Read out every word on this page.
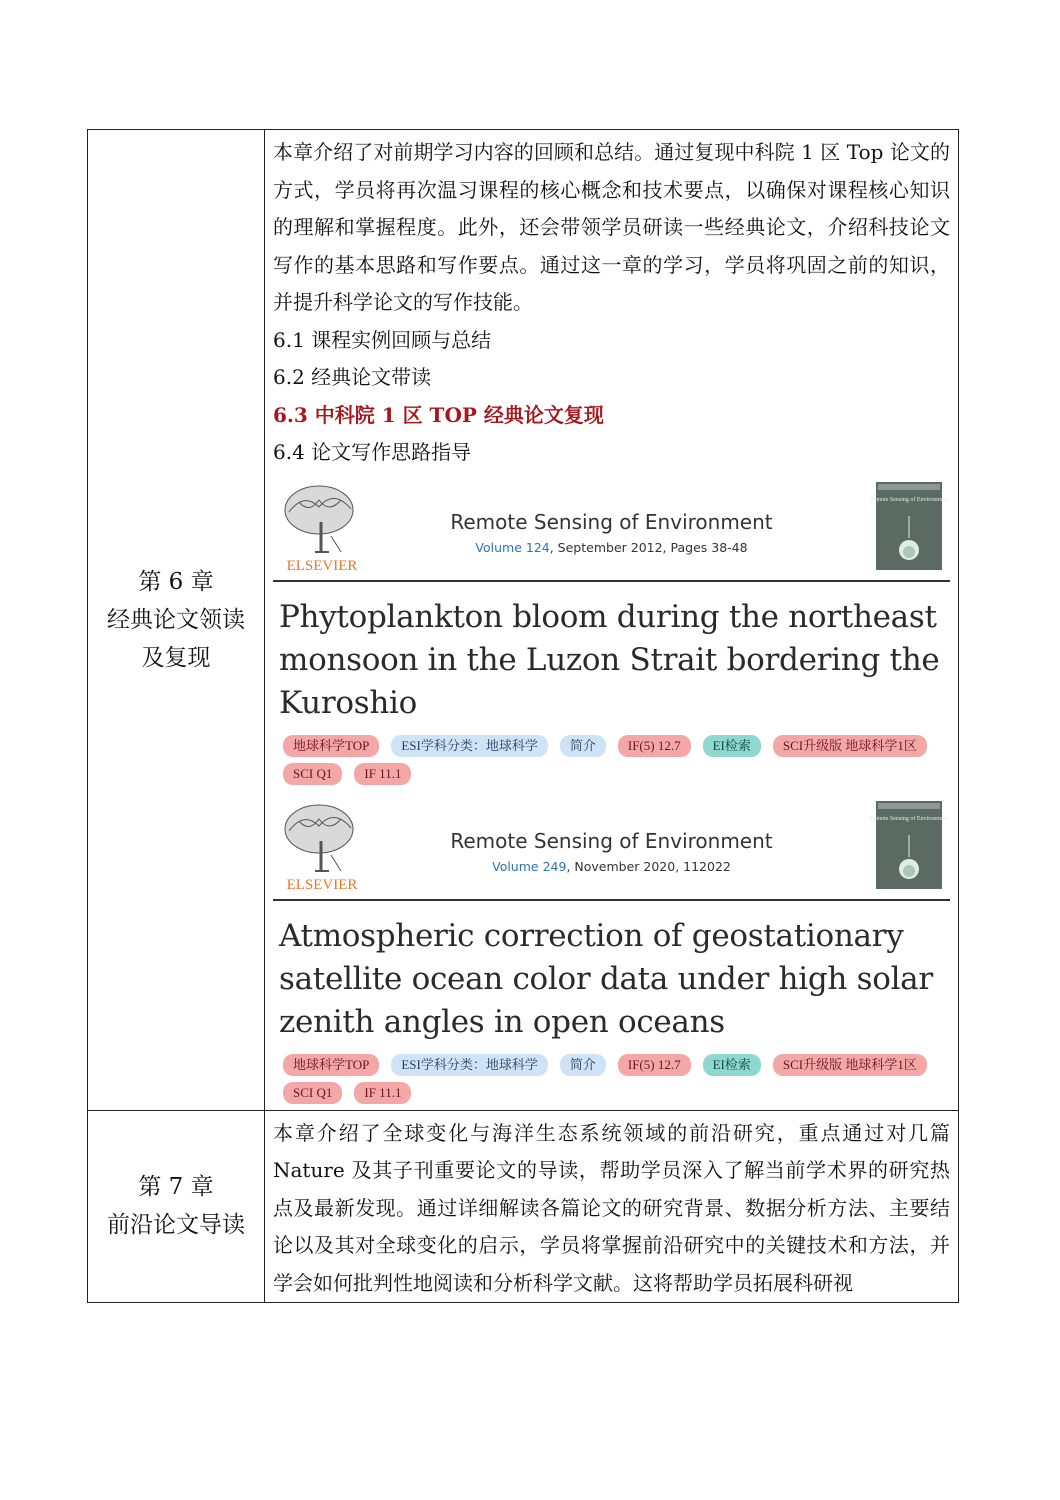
第 6 章
经典论文领读
及复现

本章介绍了对前期学习内容的回顾和总结。通过复现中科院 1 区 Top 论文的方式，学员将再次温习课程的核心概念和技术要点，以确保对课程核心知识的理解和掌握程度。此外，还会带领学员研读一些经典论文，介绍科技论文写作的基本思路和写作要点。通过这一章的学习，学员将巩固之前的知识，并提升科学论文的写作技能。

6.1 课程实例回顾与总结
6.2 经典论文带读
6.3 中科院 1 区 TOP 经典论文复现
6.4 论文写作思路指导
ELSEVIER
Remote Sensing of Environment
Volume 124, September 2012, Pages 38-48
Remote Sensing of Environment
Phytoplankton bloom during the northeast monsoon in the Luzon Strait bordering the Kuroshio
地球科学TOP	ESI学科分类：地球科学	简介	IF(5) 12.7	EI检索	SCI升级版 地球科学1区
SCI Q1	IF 11.1
ELSEVIER
Remote Sensing of Environment
Volume 249, November 2020, 112022
Remote Sensing of Environment
Atmospheric correction of geostationary satellite ocean color data under high solar zenith angles in open oceans
地球科学TOP	ESI学科分类：地球科学	简介	IF(5) 12.7	EI检索	SCI升级版 地球科学1区
SCI Q1	IF 11.1
第 7 章
前沿论文导读

本章介绍了全球变化与海洋生态系统领域的前沿研究，重点通过对几篇 Nature 及其子刊重要论文的导读，帮助学员深入了解当前学术界的研究热点及最新发现。通过详细解读各篇论文的研究背景、数据分析方法、主要结论以及其对全球变化的启示，学员将掌握前沿研究中的关键技术和方法，并学会如何批判性地阅读和分析科学文献。这将帮助学员拓展科研视
